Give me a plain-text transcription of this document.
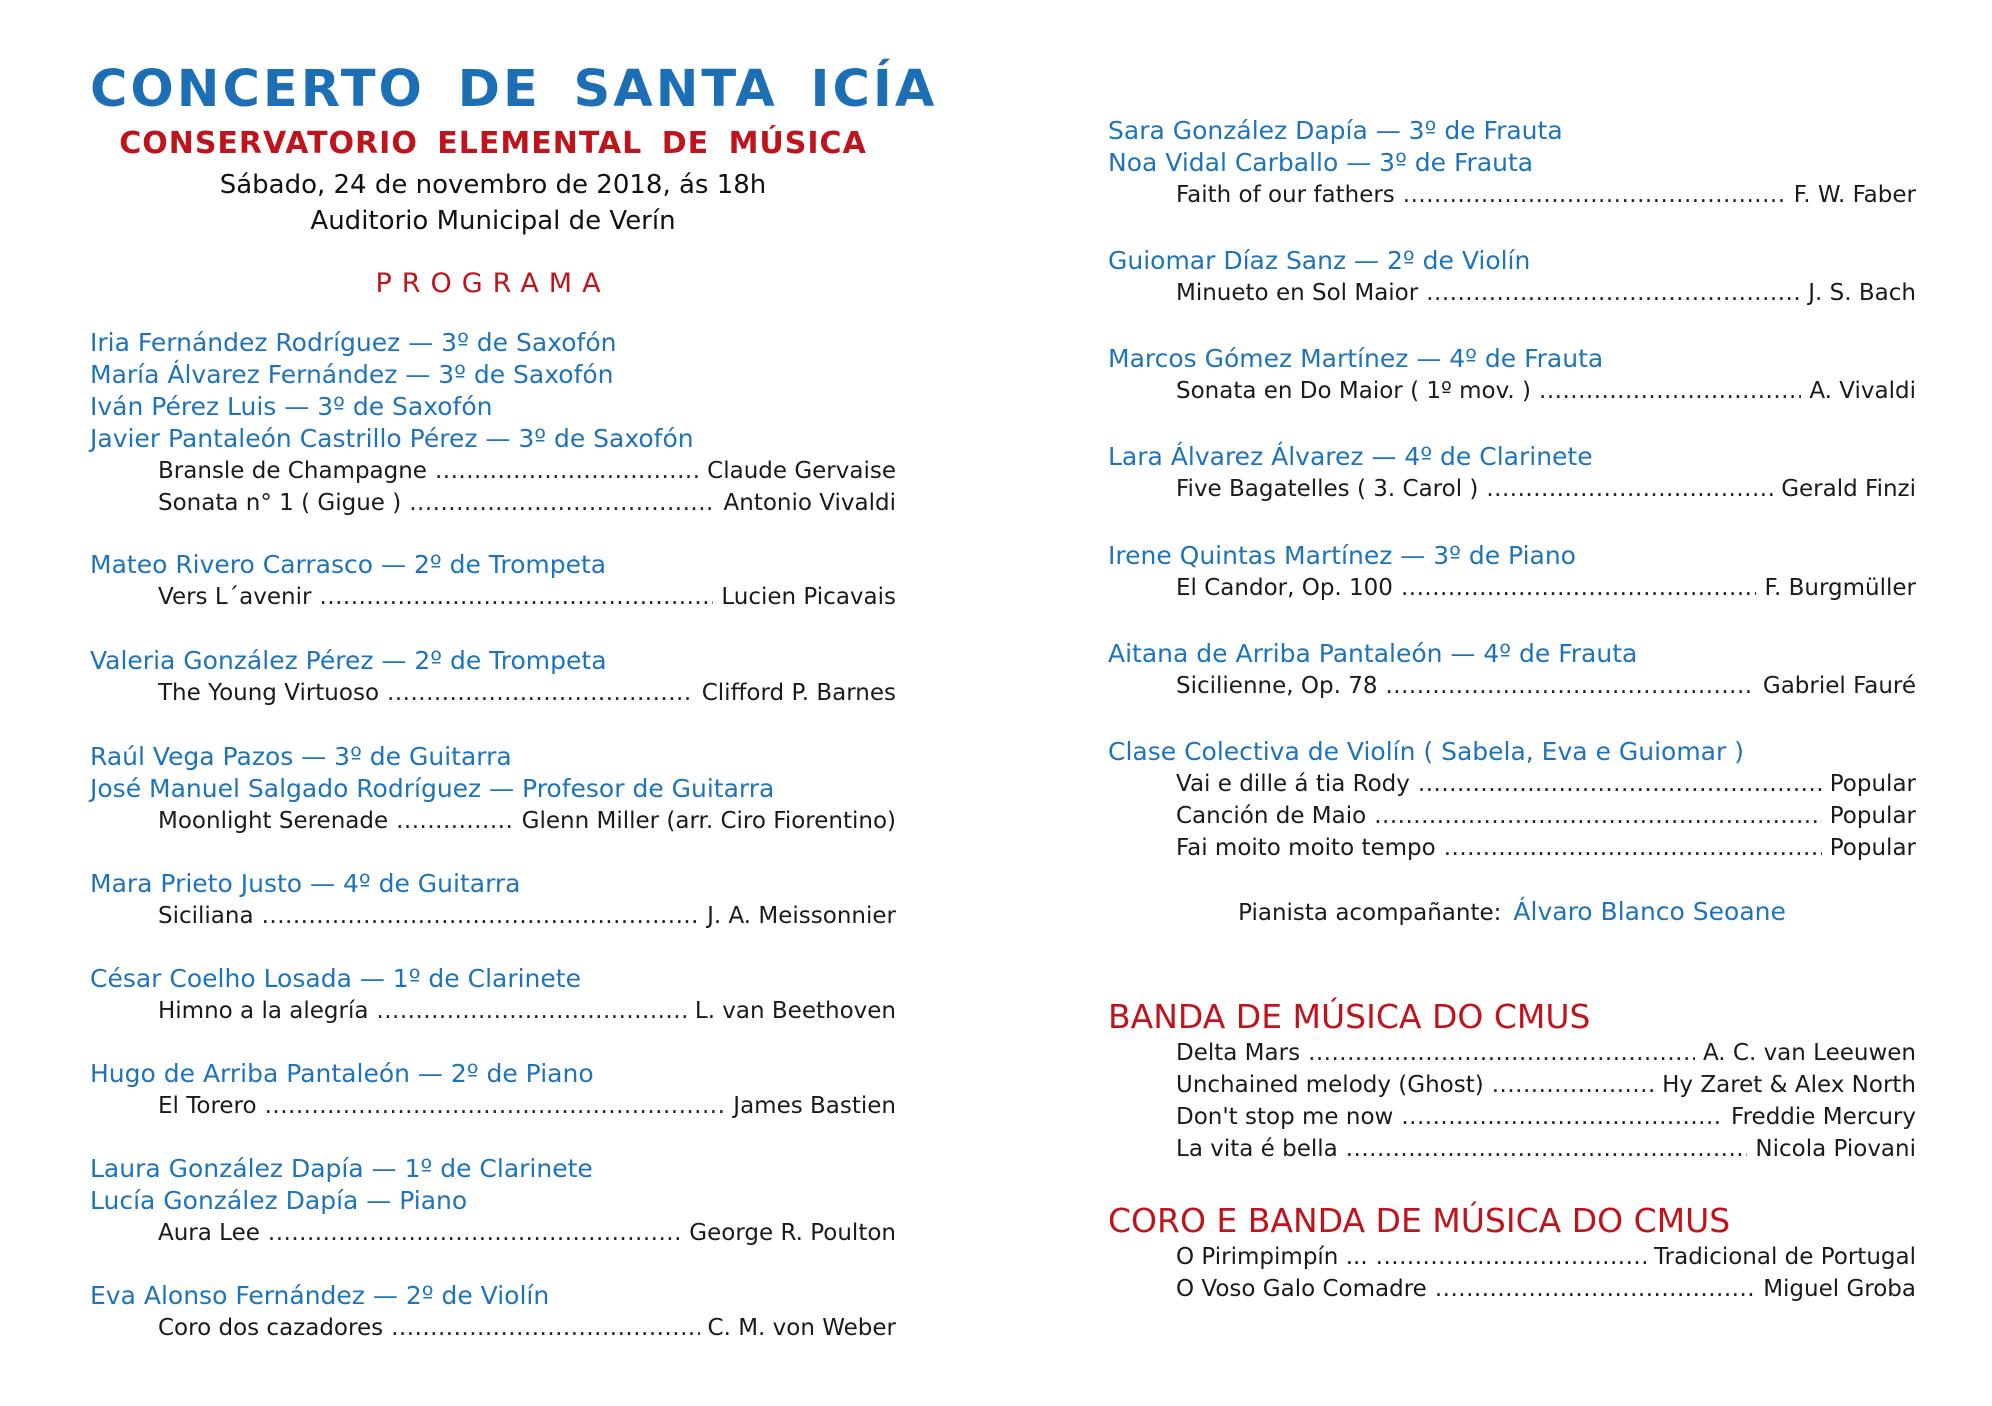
CONCERTO DE SANTA ICÍA
CONSERVATORIO ELEMENTAL DE MÚSICA
Sábado, 24 de novembro de 2018, ás 18h
Auditorio Municipal de Verín
PROGRAMA
Iria Fernández Rodríguez — 3º de Saxofón
María Álvarez Fernández — 3º de Saxofón
Iván Pérez Luis — 3º de Saxofón
Javier Pantaleón Castrillo Pérez — 3º de Saxofón
Bransle de Champagne .....	Claude Gervaise
Sonata n° 1 ( Gigue ) .....	Antonio Vivaldi
Mateo Rivero Carrasco — 2º de Trompeta
Vers L´avenir .....	Lucien Picavais
Valeria González Pérez — 2º de Trompeta
The Young Virtuoso .....	Clifford P. Barnes
Raúl Vega Pazos — 3º de Guitarra
José Manuel Salgado Rodríguez — Profesor de Guitarra
Moonlight Serenade .....	Glenn Miller (arr. Ciro Fiorentino)
Mara Prieto Justo — 4º de Guitarra
Siciliana .....	J. A. Meissonnier
César Coelho Losada — 1º de Clarinete
Himno a la alegría .....	L. van Beethoven
Hugo de Arriba Pantaleón — 2º de Piano
El Torero .....	James Bastien
Laura González Dapía — 1º de Clarinete
Lucía González Dapía — Piano
Aura Lee .....	George R. Poulton
Eva Alonso Fernández — 2º de Violín
Coro dos cazadores .....	C. M. von Weber
Sara González Dapía — 3º de Frauta
Noa Vidal Carballo — 3º de Frauta
Faith of our fathers .....	F. W. Faber
Guiomar Díaz Sanz — 2º de Violín
Minueto en Sol Maior .....	J. S. Bach
Marcos Gómez Martínez — 4º de Frauta
Sonata en Do Maior ( 1º mov. ) .....	A. Vivaldi
Lara Álvarez Álvarez — 4º de Clarinete
Five Bagatelles ( 3. Carol ) .....	Gerald Finzi
Irene Quintas Martínez — 3º de Piano
El Candor, Op. 100 .....	F. Burgmüller
Aitana de Arriba Pantaleón — 4º de Frauta
Sicilienne, Op. 78 .....	Gabriel Fauré
Clase Colectiva de Violín ( Sabela, Eva e Guiomar )
Vai e dille á tia Rody .....	Popular
Canción de Maio .....	Popular
Fai moito moito tempo .....	Popular
Pianista acompañante: Álvaro Blanco Seoane
BANDA DE MÚSICA DO CMUS
Delta Mars .....	A. C. van Leeuwen
Unchained melody (Ghost) .....	Hy Zaret & Alex North
Don't stop me now .....	Freddie Mercury
La vita é bella .....	Nicola Piovani
CORO E BANDA DE MÚSICA DO CMUS
O Pirimpimpín ... .....	Tradicional de Portugal
O Voso Galo Comadre .....	Miguel Groba
